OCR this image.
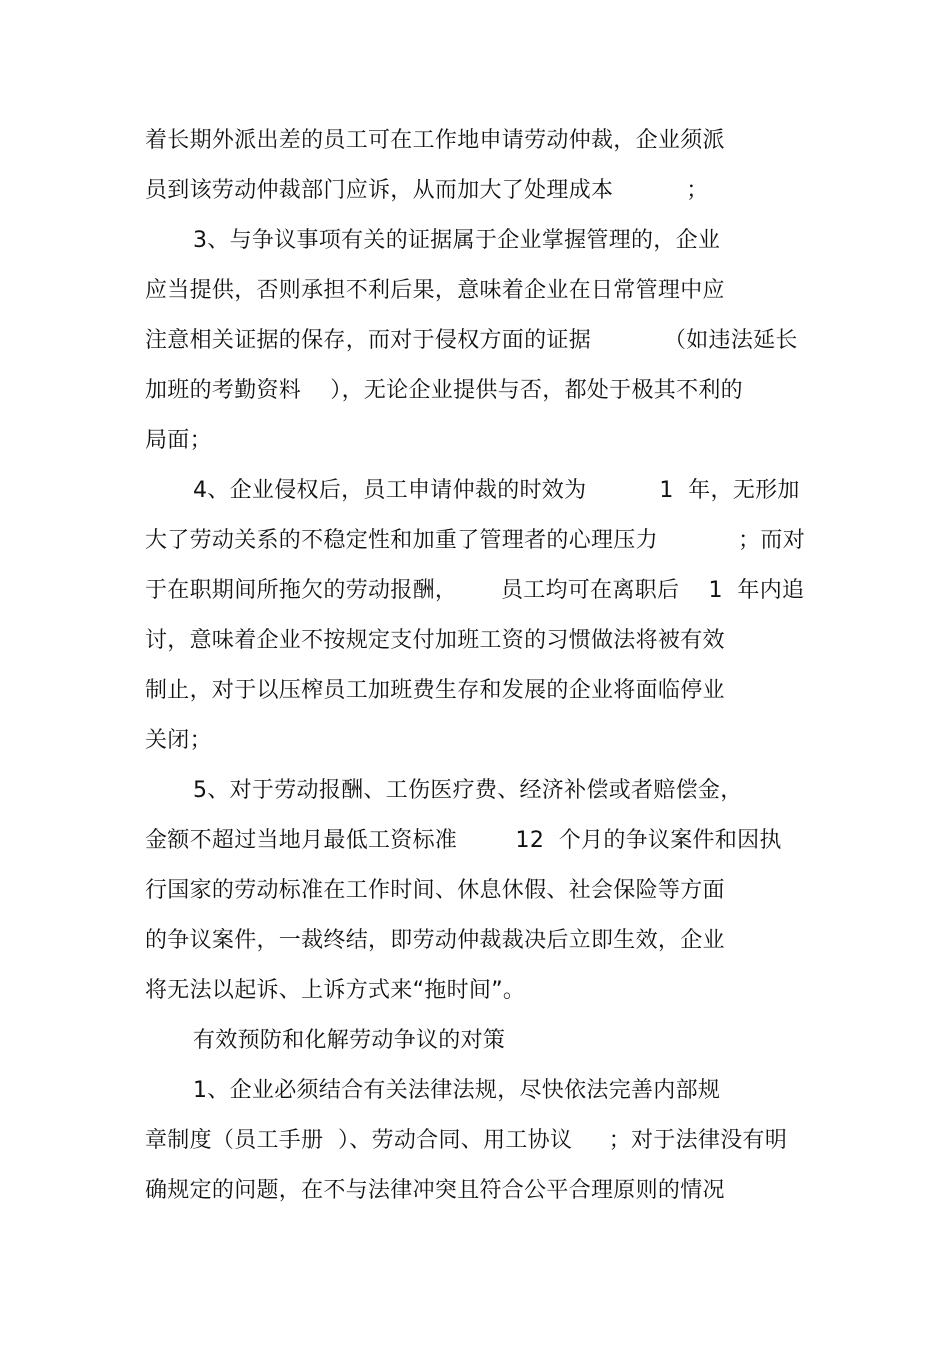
着长期外派出差的员工可在工作地申请劳动仲裁，企业须派
员到该劳动仲裁部门应诉，从而加大了处理成本          ；
3、与争议事项有关的证据属于企业掌握管理的，企业
应当提供，否则承担不利后果，意味着企业在日常管理中应
注意相关证据的保存，而对于侵权方面的证据          （如违法延长
加班的考勤资料    ），无论企业提供与否，都处于极其不利的
局面；
4、企业侵权后，员工申请仲裁的时效为          1  年，无形加
大了劳动关系的不稳定性和加重了管理者的心理压力           ；而对
于在职期间所拖欠的劳动报酬，      员工均可在离职后    1  年内追
讨，意味着企业不按规定支付加班工资的习惯做法将被有效
制止，对于以压榨员工加班费生存和发展的企业将面临停业
关闭；
5、对于劳动报酬、工伤医疗费、经济补偿或者赔偿金，
金额不超过当地月最低工资标准        12  个月的争议案件和因执
行国家的劳动标准在工作时间、休息休假、社会保险等方面
的争议案件，一裁终结，即劳动仲裁裁决后立即生效，企业
将无法以起诉、上诉方式来“拖时间”。
有效预防和化解劳动争议的对策
1、企业必须结合有关法律法规，尽快依法完善内部规
章制度（员工手册  ）、劳动合同、用工协议     ；对于法律没有明
确规定的问题，在不与法律冲突且符合公平合理原则的情况
